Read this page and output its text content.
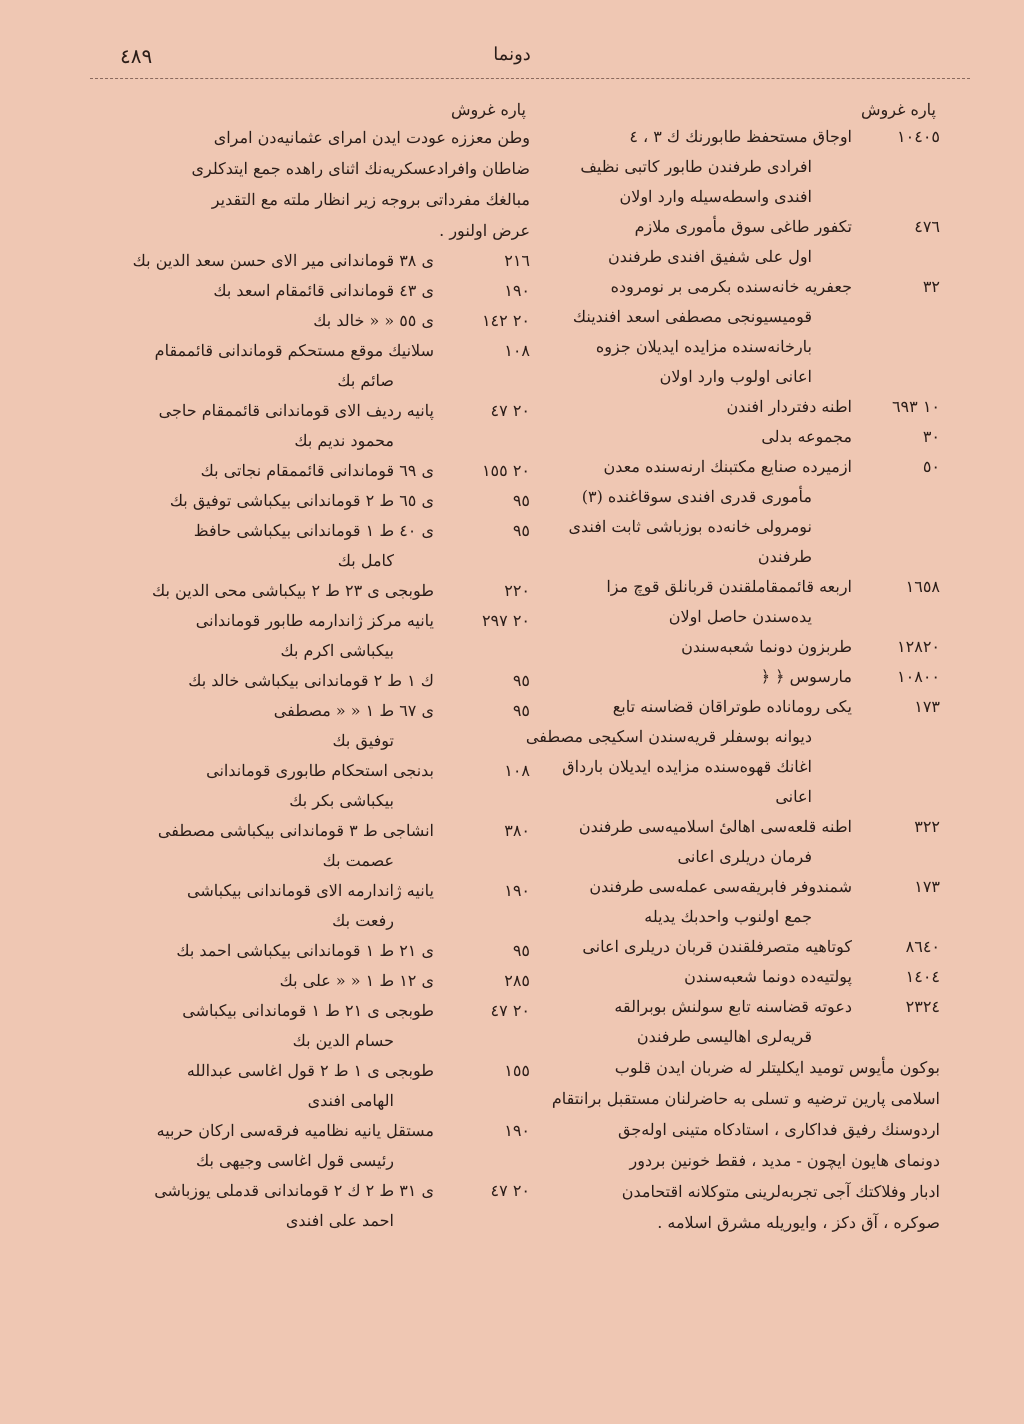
٤٨٩	دونما
پاره غروش
١٠٤٠٥
اوجاق مستحفظ طابورنك ك ٣ ، ٤
افرادی طرفندن طابور كاتبی نظيف
افندی واسطه‌سيله وارد اولان
٤٧٦
تكفور طاغی سوق مأموری ملازم
اول علی شفيق افندی طرفندن
٣٢
جعفريه خانه‌سنده بكرمی بر نومروده
قومیسیونجی مصطفی اسعد افندينك
بارخانه‌سنده مزايده ايديلان جزوه
اعانی اولوب وارد اولان
١٠ ٦٩٣
اطنه دفتردار افندن
٣٠
مجموعه بدلی
٥٠
ازمیرده صنایع مكتبنك ارنه‌سنده معدن
مأموری قدری افندی سوقاغنده (٣)
نومرولی خانه‌ده بوزباشی ثابت افندی
طرفندن
١٦٥٨
اربعه قائممقاملقندن قربانلق قوچ مزا
يده‌سندن حاصل اولان
١٢٨٢٠
طربزون دونما شعبه‌سندن
١٠٨٠٠
مارسوس ﴿ ﴿
١٧٣
يكی روماناده طوتراقان قضاسنه تابع
ديوانه بوسفلر قريه‌سندن اسكيجی مصطفی
اغانك قهوه‌سنده مزايده ايديلان بارداق
اعانی
٣٢٢
اطنه قلعه‌سی اهالیٔ اسلاميه‌سی طرفندن
فرمان دريلری اعانی
١٧٣
شمندوفر فابریقه‌سی عمله‌سی طرفندن
جمع اولنوب واحدبك يديله
٨٦٤٠
كوتاهيه متصرفلقندن قربان دريلری اعانی
١٤٠٤
پولتيه‌ده دونما شعبه‌سندن
٢٣٢٤
دعوته قضاسنه تابع سولنش بوبرالقه
قريه‌لری اهاليسی طرفندن
بوكون مأيوس توميد ايكليتلر له ضربان ايدن قلوب
اسلامی پارين ترضيه و تسلی به حاضرلنان مستقبل برانتقام
اردوسنك رفيق فداكاری ، استادكاه متينی اوله‌جق
دونمای هايون ايچون - مديد ، فقط خونين بردور
ادبار وفلاكتك آجی تجربه‌لرینی متوكلانه اقتحامدن
صوكره ، آق دكز ، وايوريله مشرق اسلامه .
پاره غروش
وطن معززه عودت ايدن امرای عثمانيه‌دن امرای
ضاطان وافرادعسكريه‌نك اثنای راهده جمع ايتدكلری
مبالغك مفرداتی بروجه زير انظار ملته مع التقدير
عرض اولنور .
٢١٦
ی ٣٨ قوماندانی مير الای حسن سعد الدين بك
١٩٠
ی ٤٣ قوماندانی قائمقام اسعد بك
٢٠ ١٤٢
ی ٥٥ « « خالد بك
١٠٨
سلانيك موقع مستحكم قوماندانی قائممقام
صائم بك
٢٠ ٤٧
پانيه ردیف الای قوماندانی قائممقام حاجی
محمود ندیم بك
٢٠ ١٥٥
ی ٦٩ قوماندانی قائممقام نجاتی بك
٩٥
ی ٦٥ ط ٢ قوماندانی بيكباشی توفيق بك
٩٥
ی ٤٠ ط ١ قوماندانی بيكباشی حافظ
كامل بك
٢٢٠
طوبجی ی ٢٣ ط ٢ بيكباشی محی الدين بك
٢٠ ٢٩٧
يانيه مركز ژاندارمه طابور قوماندانی
بيكباشی اكرم بك
٩٥
ك ١ ط ٢ قوماندانی بيكباشی خالد بك
٩٥
ی ٦٧ ط ١ « « مصطفی
توفيق بك
١٠٨
بدنجی استحكام طابوری قوماندانی
بيكباشی بكر بك
٣٨٠
انشاجی ط ٣ قوماندانی بيكباشی مصطفی
عصمت بك
١٩٠
يانيه ژاندارمه الای قوماندانی بيكباشی
رفعت بك
٩٥
ی ٢١ ط ١ قوماندانی بيكباشی احمد بك
٢٨٥
ی ١٢ ط ١ « « علی بك
٢٠ ٤٧
طوبجی ی ٢١ ط ١ قوماندانی بيكباشی
حسام الدين بك
١٥٥
طوبجی ی ١ ط ٢ قول اغاسی عبدالله
الهامی افندی
١٩٠
مستقل يانيه نظاميه فرقه‌سی اركان حربيه
رئيسی قول اغاسی وجيهی بك
٢٠ ٤٧
ی ٣١ ط ٢ ك ٢ قوماندانی قدملی يوزباشی
احمد علی افندی
